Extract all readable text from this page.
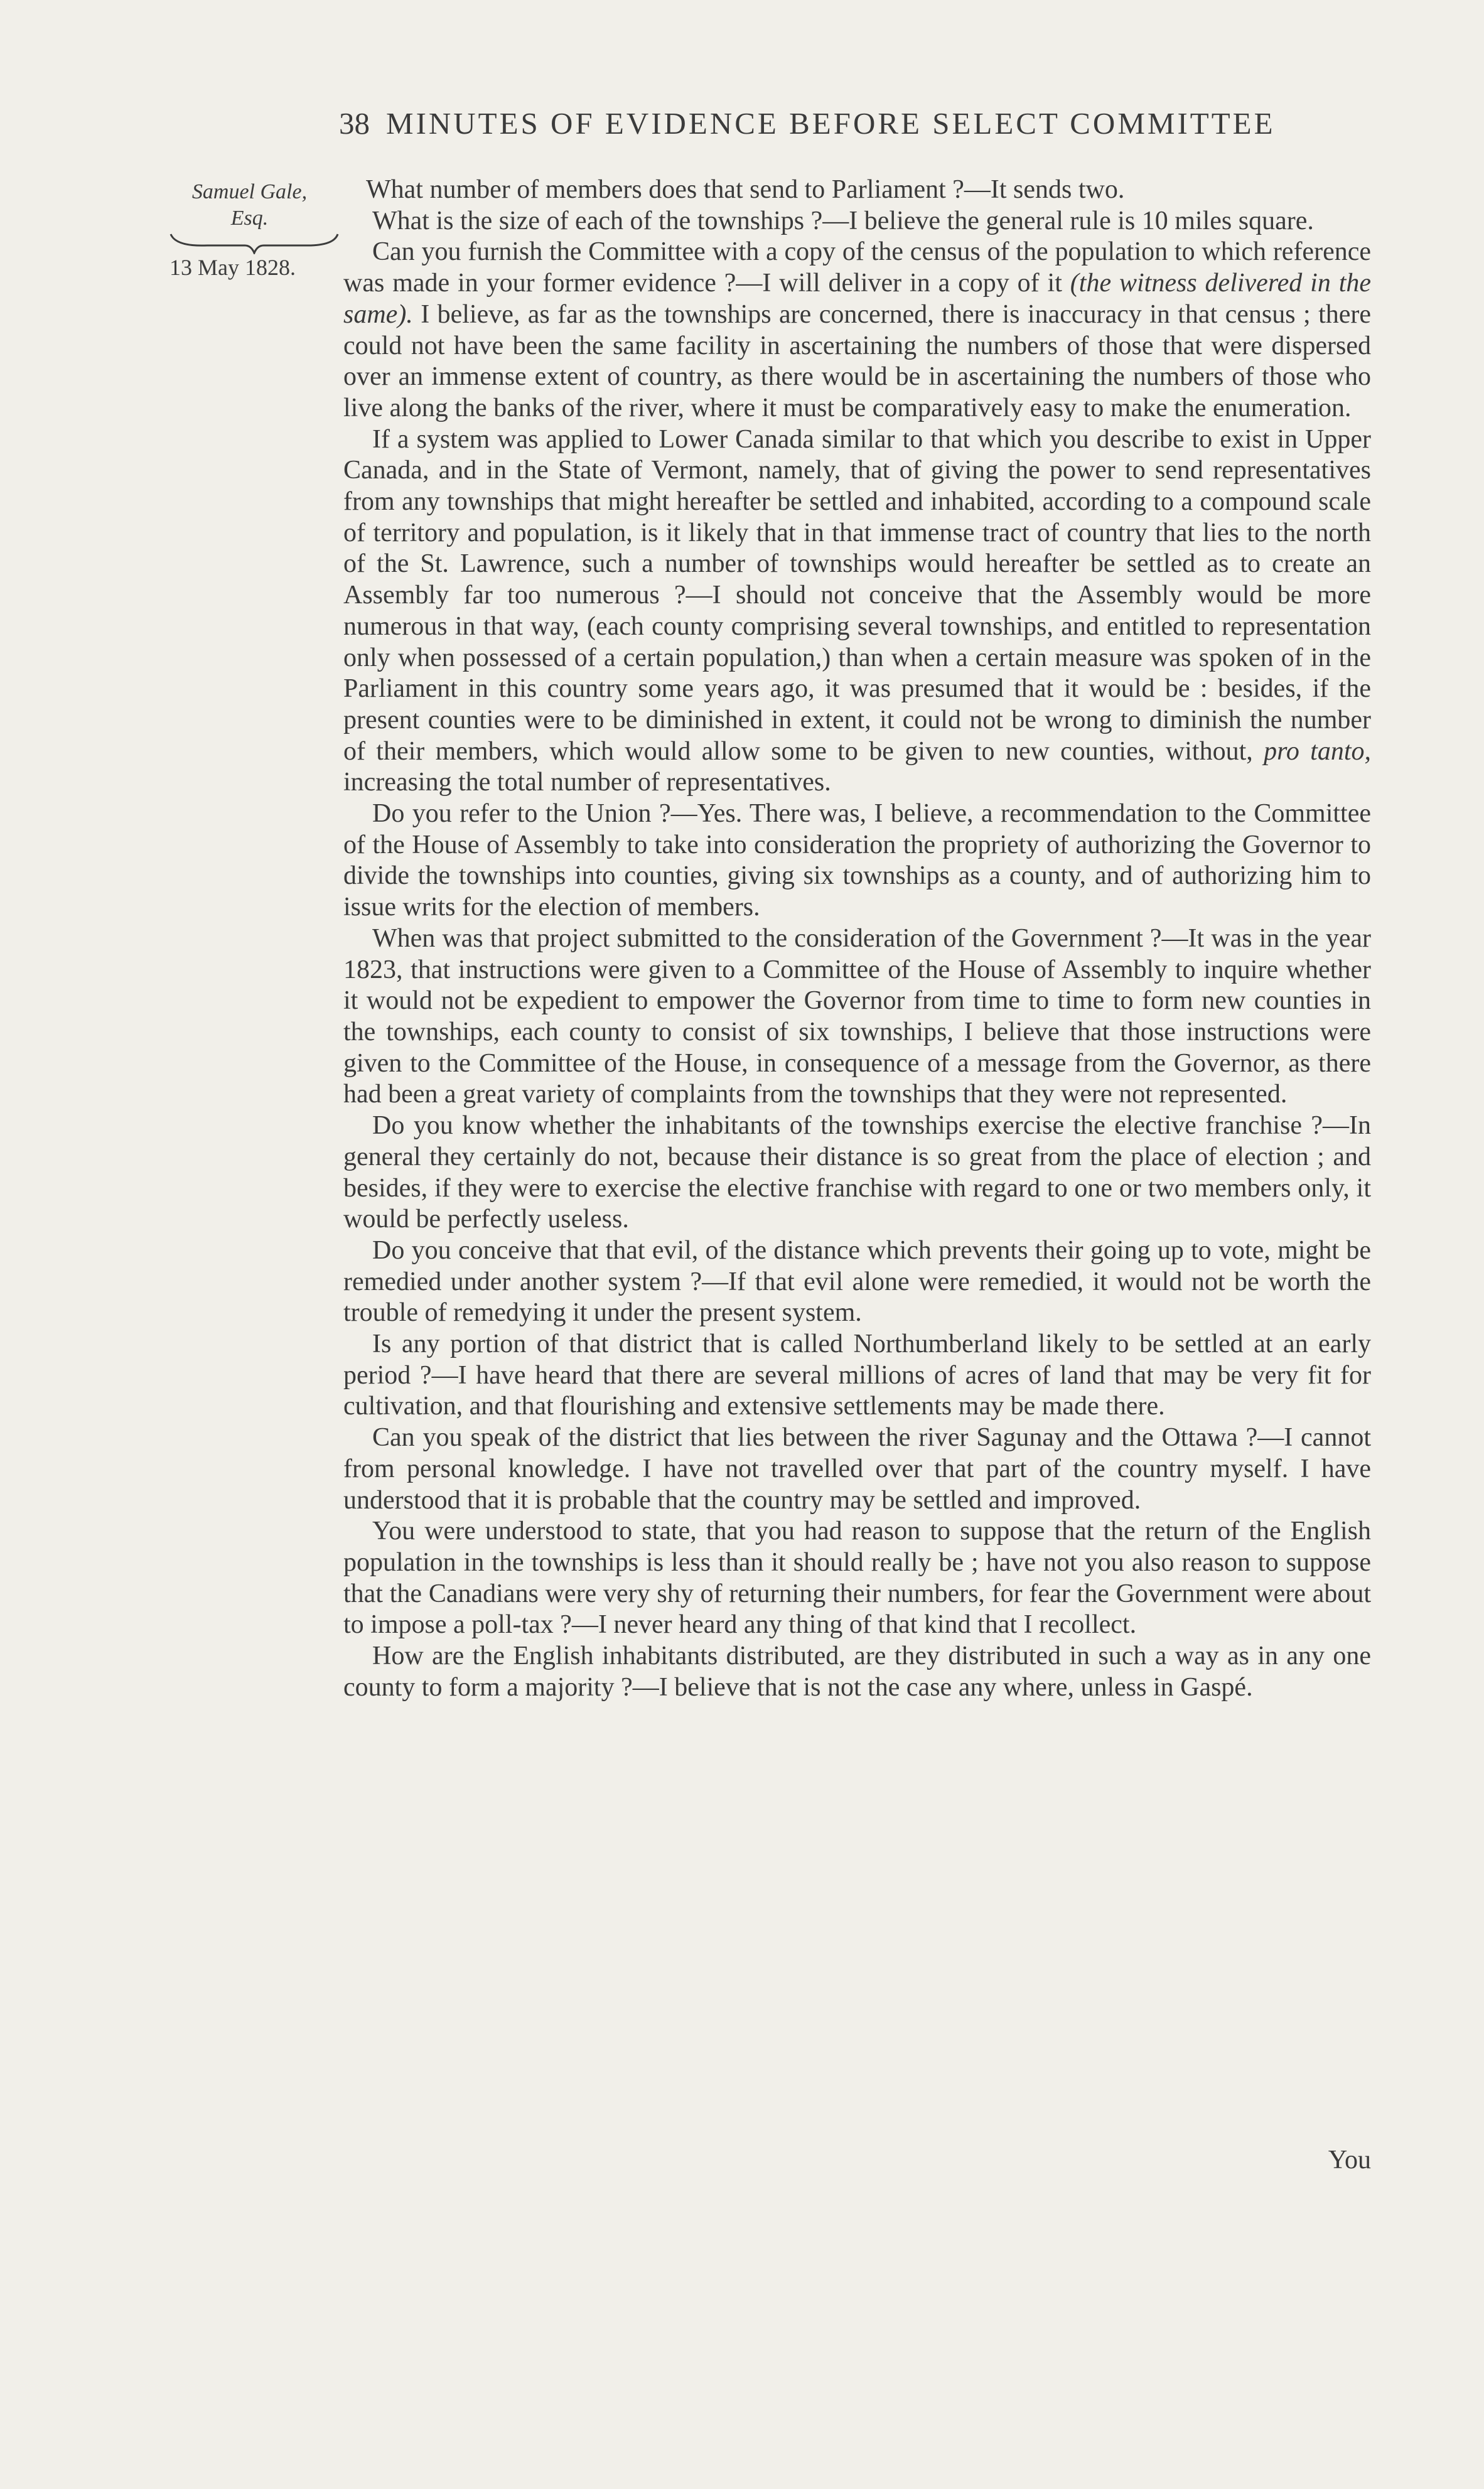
38 MINUTES OF EVIDENCE BEFORE SELECT COMMITTEE
Samuel Gale,
Esq.
13 May 1828.

What number of members does that send to Parliament ?—It sends two.

What is the size of each of the townships ?—I believe the general rule is 10 miles square.

Can you furnish the Committee with a copy of the census of the population to which reference was made in your former evidence ?—I will deliver in a copy of it (the witness delivered in the same). I believe, as far as the townships are concerned, there is inaccuracy in that census ; there could not have been the same facility in ascertaining the numbers of those that were dispersed over an immense extent of country, as there would be in ascertaining the numbers of those who live along the banks of the river, where it must be comparatively easy to make the enumeration.

If a system was applied to Lower Canada similar to that which you describe to exist in Upper Canada, and in the State of Vermont, namely, that of giving the power to send representatives from any townships that might hereafter be settled and inhabited, according to a compound scale of territory and population, is it likely that in that immense tract of country that lies to the north of the St. Lawrence, such a number of townships would hereafter be settled as to create an Assembly far too numerous ?—I should not conceive that the Assembly would be more numerous in that way, (each county comprising several townships, and entitled to representation only when possessed of a certain population,) than when a certain measure was spoken of in the Parliament in this country some years ago, it was presumed that it would be : besides, if the present counties were to be diminished in extent, it could not be wrong to diminish the number of their members, which would allow some to be given to new counties, without, pro tanto, increasing the total number of representatives.

Do you refer to the Union ?—Yes. There was, I believe, a recommendation to the Committee of the House of Assembly to take into consideration the propriety of authorizing the Governor to divide the townships into counties, giving six townships as a county, and of authorizing him to issue writs for the election of members.

When was that project submitted to the consideration of the Government ?—It was in the year 1823, that instructions were given to a Committee of the House of Assembly to inquire whether it would not be expedient to empower the Governor from time to time to form new counties in the townships, each county to consist of six townships, I believe that those instructions were given to the Committee of the House, in consequence of a message from the Governor, as there had been a great variety of complaints from the townships that they were not represented.

Do you know whether the inhabitants of the townships exercise the elective franchise ?—In general they certainly do not, because their distance is so great from the place of election ; and besides, if they were to exercise the elective franchise with regard to one or two members only, it would be perfectly useless.

Do you conceive that that evil, of the distance which prevents their going up to vote, might be remedied under another system ?—If that evil alone were remedied, it would not be worth the trouble of remedying it under the present system.

Is any portion of that district that is called Northumberland likely to be settled at an early period ?—I have heard that there are several millions of acres of land that may be very fit for cultivation, and that flourishing and extensive settlements may be made there.

Can you speak of the district that lies between the river Sagunay and the Ottawa ?—I cannot from personal knowledge. I have not travelled over that part of the country myself. I have understood that it is probable that the country may be settled and improved.

You were understood to state, that you had reason to suppose that the return of the English population in the townships is less than it should really be ; have not you also reason to suppose that the Canadians were very shy of returning their numbers, for fear the Government were about to impose a poll-tax ?—I never heard any thing of that kind that I recollect.

How are the English inhabitants distributed, are they distributed in such a way as in any one county to form a majority ?—I believe that is not the case any where, unless in Gaspé.

You
